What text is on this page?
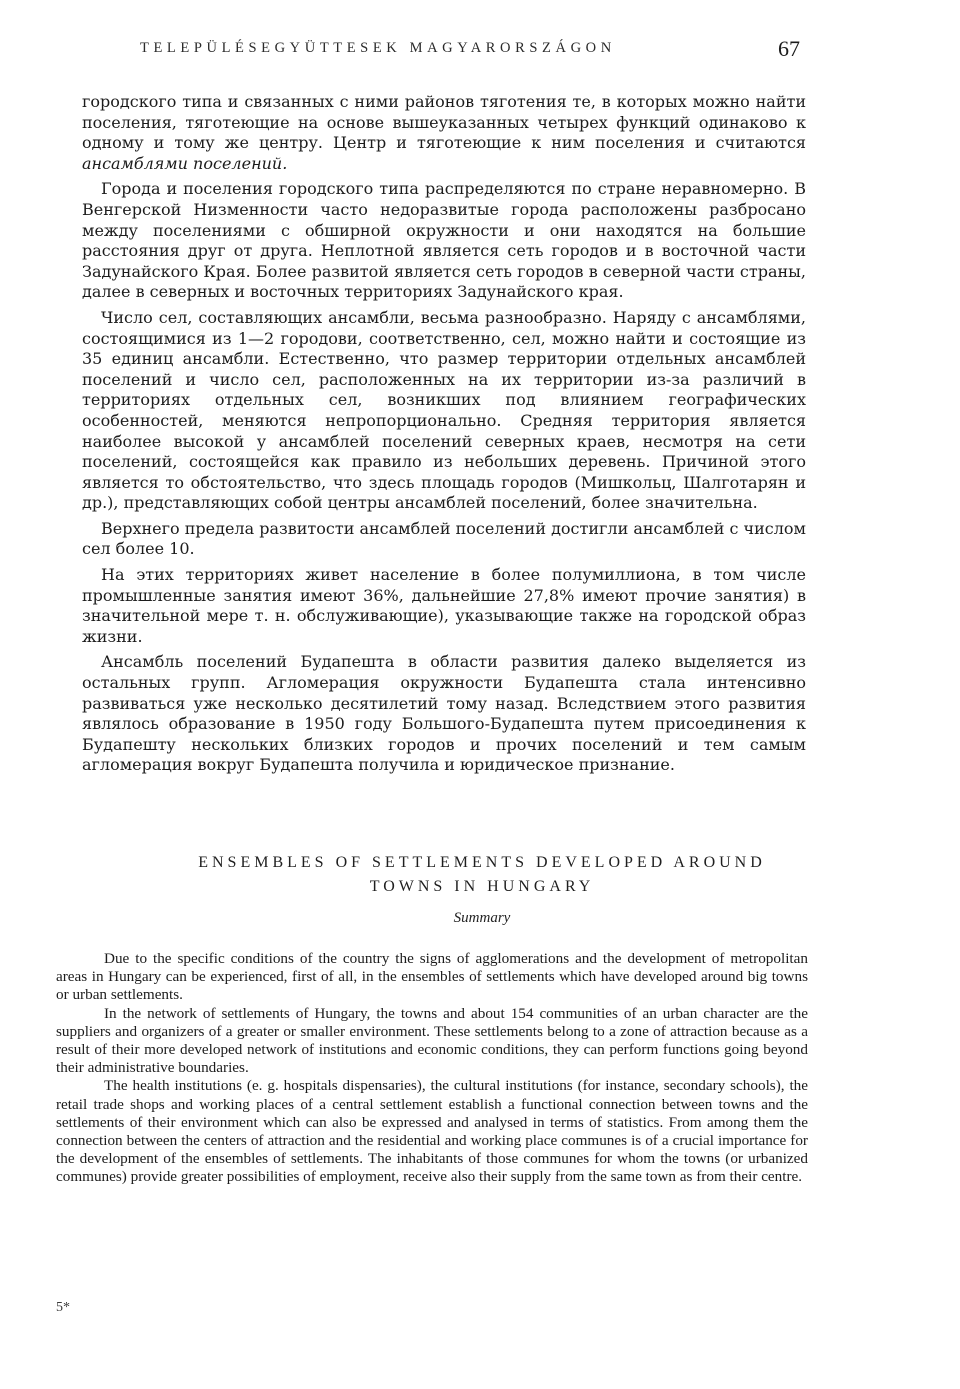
TELEPÜLÉSEGYÜTTESEK MAGYARORSZÁGON	67

городского типа и связанных с ними районов тяготения те, в которых можно найти поселения, тяготеющие на основе вышеуказанных четырех функций одинаково к одному и тому же центру. Центр и тяготеющие к ним поселения и считаются ансамблями поселений.

Города и поселения городского типа распределяются по стране неравномерно. В Венгерской Низменности часто недоразвитые города расположены разбросано между поселениями с обширной окружности и они находятся на большие расстояния друг от друга. Неплотной является сеть городов и в восточной части Задунайского Края. Более развитой является сеть городов в северной части страны, далее в северных и восточных территориях Задунайского края.

Число сел, составляющих ансамбли, весьма разнообразно. Наряду с ансамблями, состоящимися из 1—2 городови, соответственно, сел, можно найти и состоящие из 35 единиц ансамбли. Естественно, что размер территории отдельных ансамблей поселений и число сел, расположенных на их территории из-за различий в территориях отдельных сел, возникших под влиянием географических особенностей, меняются непропорционально. Средняя территория является наиболее высокой у ансамблей поселений северных краев, несмотря на сети поселений, состоящейся как правило из небольших деревень. Причиной этого является то обстоятельство, что здесь площадь городов (Мишкольц, Шалготарян и др.), представляющих собой центры ансамблей поселений, более значительна.

Верхнего предела развитости ансамблей поселений достигли ансамблей с числом сел более 10.

На этих территориях живет население в более полумиллиона, в том числе промышленные занятия имеют 36%, дальнейшие 27,8% имеют прочие занятия) в значительной мере т. н. обслуживающие), указывающие также на городской образ жизни.

Ансамбль поселений Будапешта в области развития далеко выделяется из остальных групп. Агломерация окружности Будапешта стала интенсивно развиваться уже несколько десятилетий тому назад. Вследствием этого развития являлось образование в 1950 году Большого-Будапешта путем присоединения к Будапешту нескольких близких городов и прочих поселений и тем самым агломерация вокруг Будапешта получила и юридическое признание.

ENSEMBLES OF SETTLEMENTS DEVELOPED AROUND
TOWNS IN HUNGARY
Summary

Due to the specific conditions of the country the signs of agglomerations and the development of metropolitan areas in Hungary can be experienced, first of all, in the ensembles of settlements which have developed around big towns or urban settlements.

In the network of settlements of Hungary, the towns and about 154 communities of an urban character are the suppliers and organizers of a greater or smaller environment. These settlements belong to a zone of attraction because as a result of their more developed network of institutions and economic conditions, they can perform functions going beyond their administrative boundaries.

The health institutions (e. g. hospitals dispensaries), the cultural institutions (for instance, secondary schools), the retail trade shops and working places of a central settlement establish a functional connection between towns and the settlements of their environment which can also be expressed and analysed in terms of statistics. From among them the connection between the centers of attraction and the residential and working place communes is of a crucial importance for the development of the ensembles of settlements. The inhabitants of those communes for whom the towns (or urbanized communes) provide greater possibilities of employment, receive also their supply from the same town as from their centre.

5*
